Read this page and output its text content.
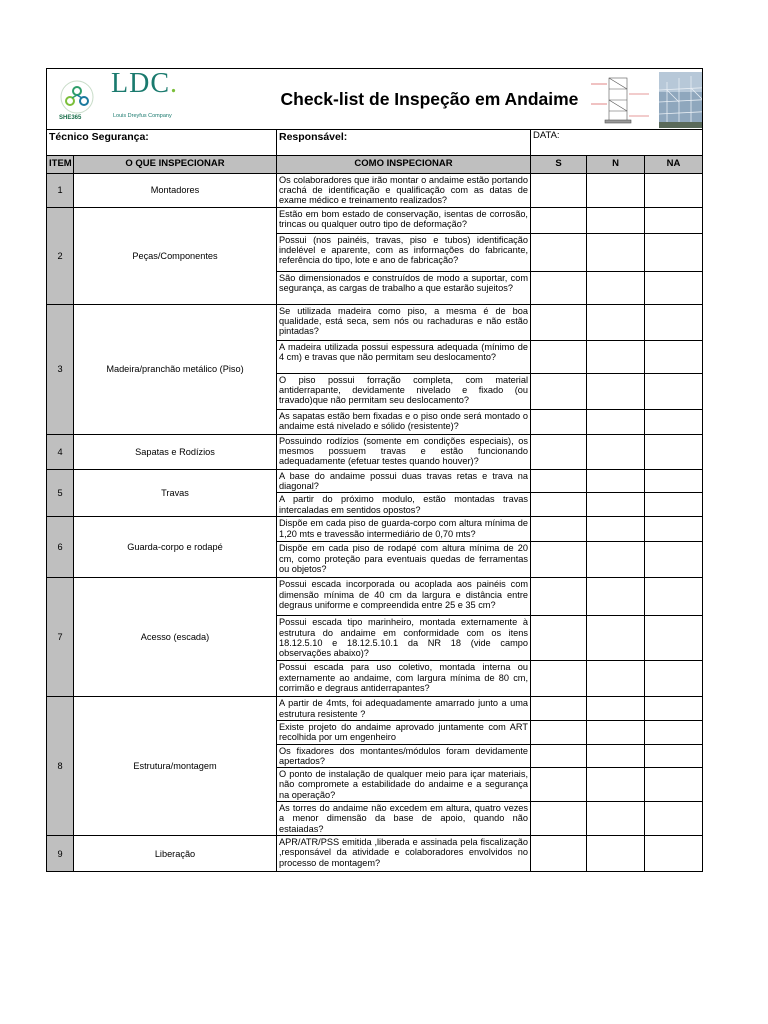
SHE365
LDC.
Louis Dreyfus Company		Check-list de Inspeção em Andaime	

Técnico Segurança:		Responsável:	DATA:		
ITEM	O QUE INSPECIONAR	COMO INSPECIONAR	S	N	NA
1	Montadores	Os colaboradores que irão montar o andaime estão portando crachá de identificação e qualificação com as datas de exame médico e treinamento realizados?			
2	Peças/Componentes	Estão em bom estado de conservação, isentas de corrosão, trincas ou qualquer outro tipo de deformação?			
		Possui (nos painéis, travas, piso e tubos) identificação indelével e aparente, com as informações do fabricante, referência do tipo, lote e ano de fabricação?			
		São dimensionados e construídos de modo a suportar, com segurança, as cargas de trabalho a que estarão sujeitos?			
3	Madeira/pranchão metálico (Piso)	Se utilizada madeira como piso, a mesma é de boa qualidade, está seca, sem nós ou rachaduras e não estão pintadas?			
		A madeira utilizada possui espessura adequada (mínimo de 4 cm) e travas que não permitam seu deslocamento?			
		O piso possui forração completa, com material antiderrapante, devidamente nivelado e fixado (ou travado)que não permitam seu deslocamento?			
		As sapatas estão bem fixadas e o piso onde será montado o andaime está nivelado e sólido (resistente)?			
4	Sapatas e Rodízios	Possuindo rodízios (somente em condições especiais), os mesmos possuem travas e estão funcionando adequadamente (efetuar testes quando houver)?			
5	Travas	A base do andaime possui duas travas retas e trava na diagonal?			
		A partir do próximo modulo, estão montadas travas intercaladas em sentidos opostos?			
6	Guarda-corpo e rodapé	Dispõe em cada piso de guarda-corpo com altura mínima de 1,20 mts e travessão intermediário de 0,70 mts?			
		Dispõe em cada piso de rodapé com altura mínima de 20 cm, como proteção para eventuais quedas de ferramentas ou objetos?			
7	Acesso (escada)	Possui escada incorporada ou acoplada aos painéis com dimensão mínima de 40 cm da largura e distância entre degraus uniforme e compreendida entre 25 e 35 cm?			
		Possui escada tipo marinheiro, montada externamente à estrutura do andaime em conformidade com os itens 18.12.5.10 e 18.12.5.10.1 da NR 18 (vide campo observações abaixo)?			
		Possui escada para uso coletivo, montada interna ou externamente ao andaime, com largura mínima de 80 cm, corrimão e degraus antiderrapantes?			
8	Estrutura/montagem	A partir de 4mts, foi adequadamente amarrado junto a uma estrutura resistente ?			
		Existe projeto do andaime aprovado juntamente com ART recolhida por um engenheiro			
		Os fixadores dos montantes/módulos foram devidamente apertados?			
		O ponto de instalação de qualquer meio para içar materiais, não compromete a estabilidade do andaime e a segurança na operação?			
		As torres do andaime não excedem em altura, quatro vezes a menor dimensão da base de apoio, quando não estaiadas?			
9	Liberação	APR/ATR/PSS emitida ,liberada e assinada pela fiscalização ,responsável da atividade e colaboradores envolvidos no processo de montagem?			
